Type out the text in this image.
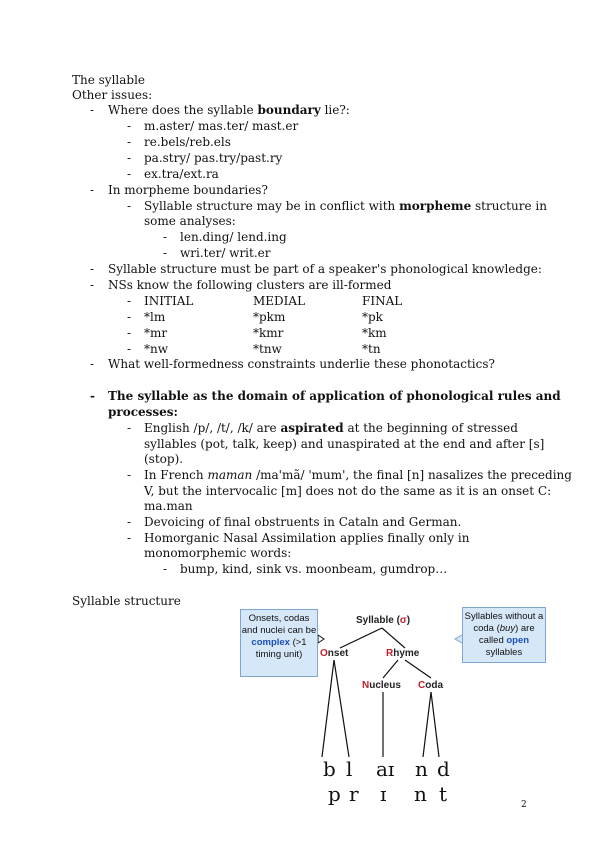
The syllable
Other issues:
- Where does the syllable boundary lie?:
- m.aster/ mas.ter/ mast.er
- re.bels/reb.els
- pa.stry/ pas.try/past.ry
- ex.tra/ext.ra
- In morpheme boundaries?
- Syllable structure may be in conflict with morpheme structure in
some analyses:
- len.ding/ lend.ing
- wri.ter/ writ.er
- Syllable structure must be part of a speaker's phonological knowledge:
- NSs know the following clusters are ill-formed
- INITIAL	MEDIAL	FINAL
- *lm	*pkm	*pk
- *mr	*kmr	*km
- *nw	*tnw	*tn
- What well-formedness constraints underlie these phonotactics?
- The syllable as the domain of application of phonological rules and
processes:
- English /p/, /t/, /k/ are aspirated at the beginning of stressed
syllables (pot, talk, keep) and unaspirated at the end and after [s]
(stop).
- In French maman /ma'mã/ 'mum', the final [n] nasalizes the preceding
V, but the intervocalic [m] does not do the same as it is an onset C:
ma.man
- Devoicing of final obstruents in Cataln and German.
- Homorganic Nasal Assimilation applies finally only in
monomorphemic words:
- bump, kind, sink vs. moonbeam, gumdrop…
Syllable structure
Onsets, codas and nuclei can be complex (>1 timing unit)
Syllables without a coda (buy) are called open syllables
Syllable (σ)
Onset	Rhyme
Nucleus Coda
b l aɪ n d
p r ɪ n t	2
